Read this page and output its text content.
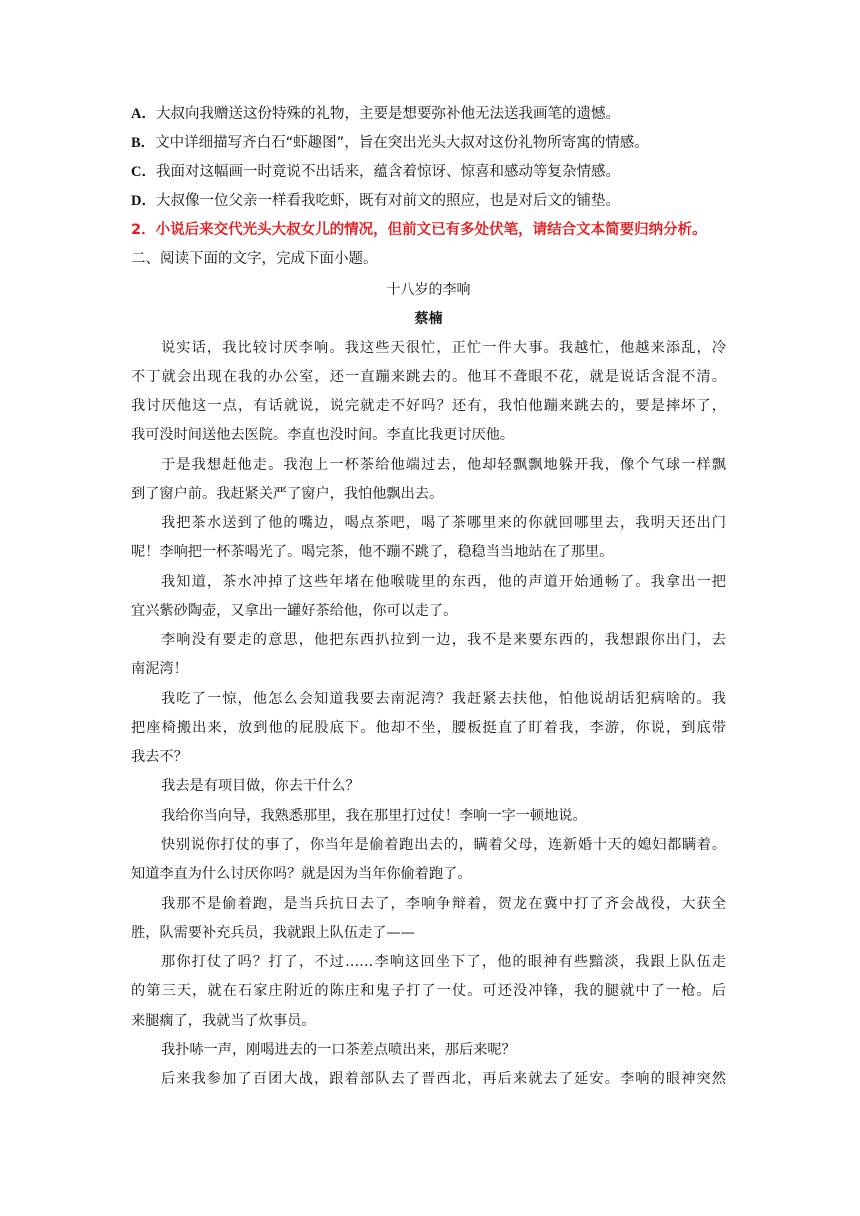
A．大叔向我赠送这份特殊的礼物，主要是想要弥补他无法送我画笔的遗憾。
B．文中详细描写齐白石“虾趣图”，旨在突出光头大叔对这份礼物所寄寓的情感。
C．我面对这幅画一时竟说不出话来，蕴含着惊讶、惊喜和感动等复杂情感。
D．大叔像一位父亲一样看我吃虾，既有对前文的照应，也是对后文的铺垫。
2．小说后来交代光头大叔女儿的情况，但前文已有多处伏笔，请结合文本简要归纳分析。
二、阅读下面的文字，完成下面小题。
十八岁的李响
蔡楠
说实话，我比较讨厌李响。我这些天很忙，正忙一件大事。我越忙，他越来添乱，冷
不丁就会出现在我的办公室，还一直蹦来跳去的。他耳不聋眼不花，就是说话含混不清。
我讨厌他这一点，有话就说，说完就走不好吗？还有，我怕他蹦来跳去的，要是摔坏了，
我可没时间送他去医院。李直也没时间。李直比我更讨厌他。
于是我想赶他走。我泡上一杯茶给他端过去，他却轻飘飘地躲开我，像个气球一样飘
到了窗户前。我赶紧关严了窗户，我怕他飘出去。
我把茶水送到了他的嘴边，喝点茶吧，喝了茶哪里来的你就回哪里去，我明天还出门
呢！李响把一杯茶喝光了。喝完茶，他不蹦不跳了，稳稳当当地站在了那里。
我知道，茶水冲掉了这些年堵在他喉咙里的东西，他的声道开始通畅了。我拿出一把
宜兴紫砂陶壶，又拿出一罐好茶给他，你可以走了。
李响没有要走的意思，他把东西扒拉到一边，我不是来要东西的，我想跟你出门，去
南泥湾！
我吃了一惊，他怎么会知道我要去南泥湾？我赶紧去扶他，怕他说胡话犯病啥的。我
把座椅搬出来，放到他的屁股底下。他却不坐，腰板挺直了盯着我，李游，你说，到底带
我去不？
我去是有项目做，你去干什么？
我给你当向导，我熟悉那里，我在那里打过仗！李响一字一顿地说。
快别说你打仗的事了，你当年是偷着跑出去的，瞒着父母，连新婚十天的媳妇都瞒着。
知道李直为什么讨厌你吗？就是因为当年你偷着跑了。
我那不是偷着跑，是当兵抗日去了，李响争辩着，贺龙在冀中打了齐会战役，大获全
胜，队需要补充兵员，我就跟上队伍走了——
那你打仗了吗？打了，不过……李响这回坐下了，他的眼神有些黯淡，我跟上队伍走
的第三天，就在石家庄附近的陈庄和鬼子打了一仗。可还没冲锋，我的腿就中了一枪。后
来腿瘸了，我就当了炊事员。
我扑哧一声，刚喝进去的一口茶差点喷出来，那后来呢？
后来我参加了百团大战，跟着部队去了晋西北，再后来就去了延安。李响的眼神突然
